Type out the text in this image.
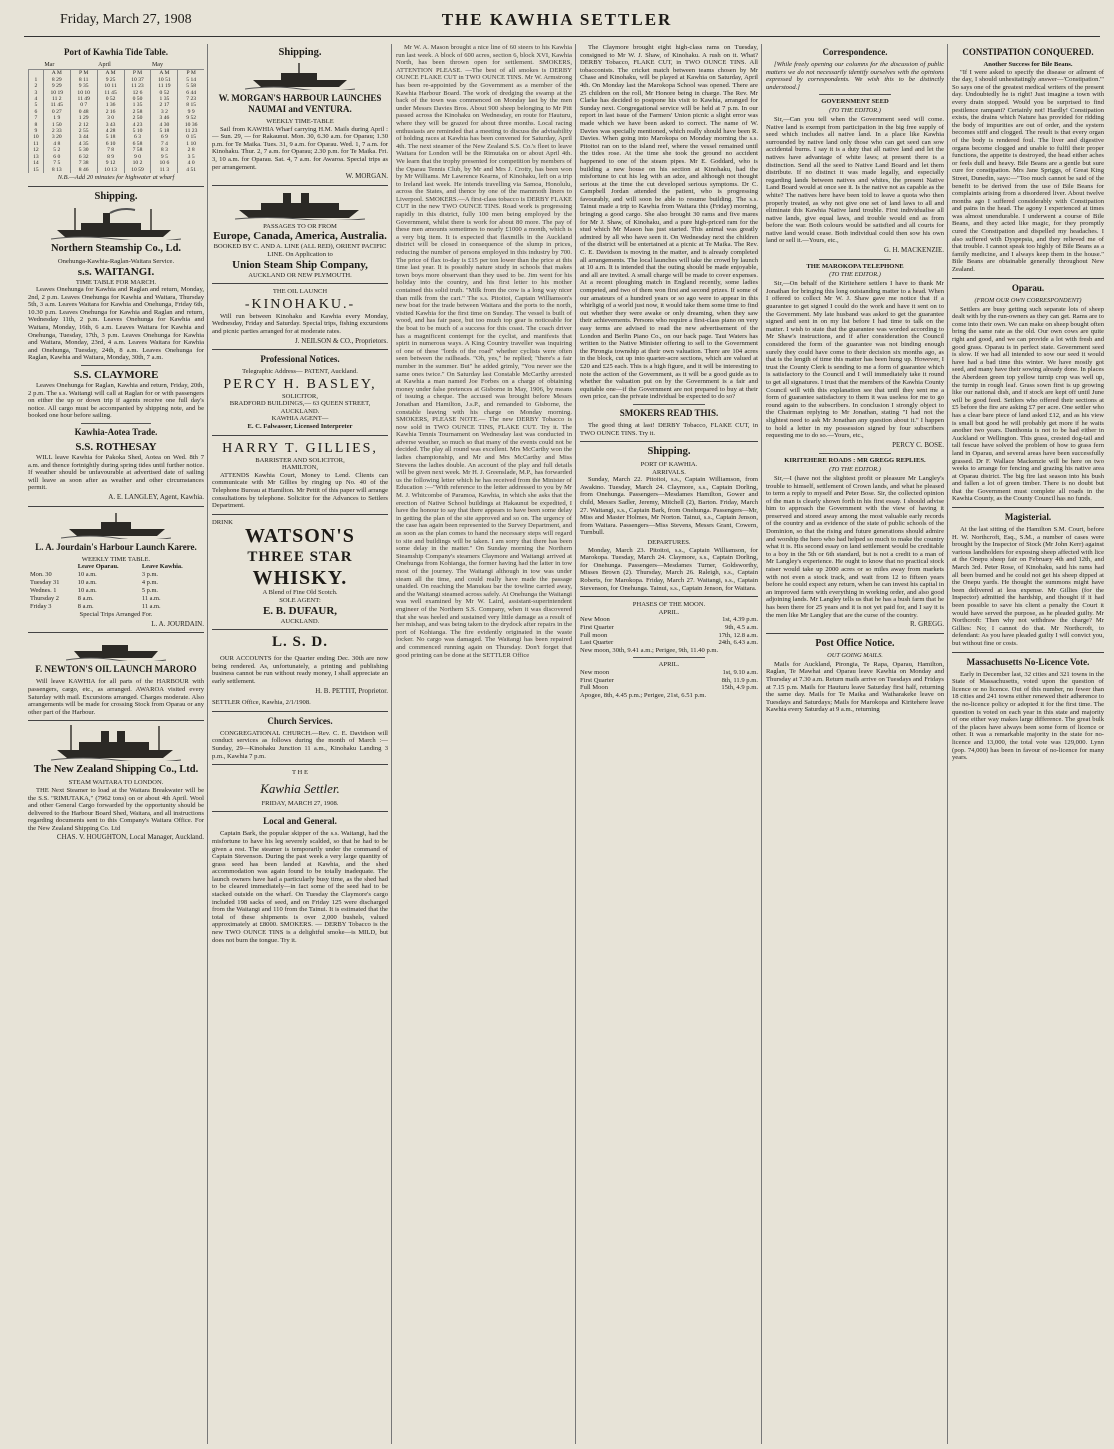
Friday, March 27, 1908	THE KAWHIA SETTLER
Port of Kawhia Tide Table.
	Mar		April		May	
	A M	P M	A M	P M	A M	P M
1	8 29	8 11	9 25	10 37	10 51	5 14
2	9 29	9 35	10 11	11 23	11 19	5 58
3	10 19	10 10	11 45	12 6	0 52	6 44
4	11 2	11 49	0 52	0 50	1 35	7 23
5	11 45	0 7	1 36	1 35	2 17	8 15
6	0 27	0 48	2 16	2 58	3 2	9 9
7	1 9	1 29	3 0	2 50	3 46	9 52
8	1 50	2 12	3 43	4 23	4 30	10 36
9	2 33	2 55	4 28	5 10	5 18	11 23
10	3 20	3 44	5 18	6 3	6 9	0 15
11	4 8	4 35	6 10	6 58	7 4	1 10
12	5 2	5 30	7 8	7 58	8 3	2 8
13	6 0	6 32	8 9	9 0	9 5	3 5
14	7 5	7 38	9 12	10 2	10 6	4 0
15	8 13	8 46	10 13	10 59	11 3	4 51
N.B.—Add 20 minutes for highwater at wharf
Shipping.
Northern Steamship Co., Ld.
Onehunga-Kawhia-Raglan-Waitara Service.
s.s. WAITANGI.
TIME TABLE FOR MARCH.

Leaves Onehunga for Kawhia and Raglan and return, Monday, 2nd, 2 p.m. Leaves Onehunga for Kawhia and Waitara, Thursday 5th, 3 a.m. Leaves Waitara for Kawhia and Onehunga, Friday 6th, 10.30 p.m. Leaves Onehunga for Kawhia and Raglan and return, Wednesday 11th, 2 p.m. Leaves Onehunga for Kawhia and Waitara, Monday, 16th, 6 a.m. Leaves Waitara for Kawhia and Onehunga, Tuesday, 17th, 3 p.m. Leaves Onehunga for Kawhia and Waitara, Monday, 23rd, 4 a.m. Leaves Waitara for Kawhia and Onehunga, Tuesday, 24th, 8 a.m. Leaves Onehunga for Raglan, Kawhia and Waitara, Monday, 30th, 7 a.m.

S.S. CLAYMORE

Leaves Onehunga for Raglan, Kawhia and return, Friday, 20th, 2 p.m. The s.s. Waitangi will call at Raglan for or with passengers on either the up or down trip if agents receive one full day's notice. All cargo must be accompanied by shipping note, and be booked one hour before sailing.

Kawhia-Aotea Trade.
S.S. ROTHESAY

WILL leave Kawhia for Pakoka Shed, Aotea on Wed. 8th 7 a.m. and thence fortnightly during spring tides until further notice. If weather should be unfavourable at advertised date of sailing will leave as soon after as weather and other circumstances permit.

A. E. LANGLEY, Agent, Kawhia.
L. A. Jourdain's Harbour Launch Karere.
WEEKLY TIME TABLE.
	Leave Oparau.	Leave Kawhia.
Mon. 30	10 a.m.	3 p.m.
Tuesday 31	10 a.m.	4 p.m.
Wednes. 1	10 a.m.	5 p.m.
Thursday 2	8 a.m.	11 a.m.
Friday 3	8 a.m.	11 a.m.
Special Trips Arranged For.
L. A. JOURDAIN.
F. NEWTON'S OIL LAUNCH MARORO

Will leave KAWHIA for all parts of the HARBOUR with passengers, cargo, etc., as arranged. AWAROA visited every Saturday with mail. Excursions arranged. Charges moderate. Also arrangements will be made for crossing Stock from Oparau or any other part of the Harbour.

The New Zealand Shipping Co., Ltd.
STEAM WAITARA TO LONDON.

THE Next Steamer to load at the Waitara Breakwater will be the S.S. "RIMUTAKA," (7962 tons) on or about 4th April. Wool and other General Cargo forwarded by the opportunity should be delivered to the Harbour Board Shed, Waitara, and all instructions regarding documents sent to this Company's Waitara Office. For the New Zealand Shipping Co. Ltd

CHAS. V. HOUGHTON, Local Manager, Auckland.
Shipping.
W. MORGAN'S HARBOUR LAUNCHES NAUMAI and VENTURA.
WEEKLY TIME-TABLE

Sail from KAWHIA Wharf carrying H.M. Mails during April :— Sun. 29, — for Rakaunui. Mon. 30, 6.30 a.m. for Oparau; 1.30 p.m. for Te Maika. Tues. 31, 9 a.m. for Oparau. Wed. 1, 7 a.m. for Kinohaku. Thur. 2, 7 a.m. for Oparau; 2.30 p.m. for Te Maika. Fri. 3, 10 a.m. for Oparau. Sat. 4, 7 a.m. for Awaroa. Special trips as per arrangement.

W. MORGAN.
PASSAGES TO OR FROM
Europe, Canada, America, Australia.
BOOKED BY C. AND A. LINE (ALL RED), ORIENT PACIFIC LINE. On Application to
Union Steam Ship Company,
AUCKLAND OR NEW PLYMOUTH.
THE OIL LAUNCH
-KINOHAKU.-

Will run between Kinohaku and Kawhia every Monday, Wednesday, Friday and Saturday. Special trips, fishing excursions and picnic parties arranged for at moderate rates.

J. NEILSON & CO., Proprietors.
Professional Notices.
Telegraphic Address— PATENT, Auckland.
PERCY H. BASLEY,
SOLICITOR,
BRADFORD BUILDINGS,— 63 QUEEN STREET, AUCKLAND.
KAWHIA AGENT—
E. C. Falwasser, Licensed Interpreter
HARRY T. GILLIES,
BARRISTER AND SOLICITOR,
HAMILTON,

ATTENDS Kawhia Court, Money to Lend. Clients can communicate with Mr Gillies by ringing up No. 40 of the Telephone Bureau at Hamilton. Mr Pettit of this paper will arrange consultations by telephone. Solicitor for the Advances to Settlers Department.

DRINK
WATSON'S
THREE STAR
WHISKY.
A Blend of Fine Old Scotch.
SOLE AGENT:
E. B. DUFAUR,
AUCKLAND.
L. S. D.

OUR ACCOUNTS for the Quarter ending Dec. 30th are now being rendered. As, unfortunately, a printing and publishing business cannot be run without ready money, I shall appreciate an early settlement.

H. B. PETTIT, Proprietor.
SETTLER Office, Kawhia, 2/1/1908.
Church Services.

CONGREGATIONAL CHURCH.—Rev. C. E. Davidson will conduct services as follows during the month of March :— Sunday, 29—Kinohaku Junction 11 a.m., Kinohaku Landing 3 p.m., Kawhia 7 p.m.

T H E
Kawhia Settler.
FRIDAY, MARCH 27, 1908.
Local and General.

Captain Bark, the popular skipper of the s.s. Waitangi, had the misfortune to have his leg severely scalded, so that he had to be given a rest. The steamer is temporarily under the command of Captain Stevenson. During the past week a very large quantity of grass seed has been landed at Kawhia, and the shed accommodation was again found to be totally inadequate. The launch owners have had a particularly busy time, as the shed had to be cleared immediately—in fact some of the seed had to be stacked outside on the wharf. On Tuesday the Claymore's cargo included 198 sacks of seed, and on Friday 125 were discharged from the Waitangi and 110 from the Tainui. It is estimated that the total of these shipments is over 2,000 bushels, valued approximately at £8000. SMOKERS. — DERBY Tobacco is the new TWO OUNCE TINS is a delightful smoke—is MILD, but does not burn the tongue. Try it.

Mr W. A. Mason brought a nice line of 60 steers to his Kawhia run last week. A block of 600 acres, section 6, block XVI, Kawhia North, has been thrown open for settlement. SMOKERS, ATTENTION PLEASE. —The best of all smokes is DERBY OUNCE FLAKE CUT in TWO OUNCE TINS. Mr W. Armstrong has been re-appointed by the Government as a member of the Kawhia Harbour Board. The work of dredging the swamp at the back of the town was commenced on Monday last by the men under Messrs Davies Bros. About 900 sheep belonging to Mr Pitt passed across the Kinohaku on Wednesday, en route for Hauturu, where they will be grazed for about three months. Local racing enthusiasts are reminded that a meeting to discuss the advisability of holding races at Kawhia has been convened for Saturday, April 4th. The next steamer of the New Zealand S.S. Co.'s fleet to leave Waitara for London will be the Rimutaka on or about April 4th. We learn that the trophy presented for competition by members of the Oparau Tennis Club, by Mr and Mrs J. Crotty, has been won by Mr Williams. Mr Lawrence Kearns, of Kinohaku, left on a trip to Ireland last week. He intends travelling via Samoa, Honolulu, across the States, and thence by one of the mammoth liners to Liverpool. SMOKERS.—A first-class tobacco is DERBY FLAKE CUT in the new TWO OUNCE TINS. Road work is progressing rapidly in this district, fully 100 men being employed by the Government, whilst there is work for about 80 more. The pay of these men amounts sometimes to nearly £1000 a month, which is a very big item. It is expected that flaxmills in the Auckland district will be closed in consequence of the slump in prices, reducing the number of persons employed in this industry by 700. The price of flax to-day is £15 per ton lower than the price at this time last year. It is possibly nature study in schools that makes town boys more observant than they used to be. Jim went for his holiday into the country, and his first letter to his mother contained this solid truth. "Milk from the cow is a long way nicer than milk from the cart." The s.s. Pitoitoi, Captain Williamson's new boat for the trade between Waitara and the ports to the north, visited Kawhia for the first time on Sunday. The vessel is built of wood, and has fair pace, but too much top gear is noticeable for the boat to be much of a success for this coast. The coach driver has a magnificent contempt for the cyclist, and manifests that spirit in numerous ways. A King Country traveller was inquiring of one of these "lords of the road" whether cyclists were often seen between the railheads. "Oh, yes," he replied; "there's a fair number in the summer. But" he added grimly, "You never see the same ones twice." On Saturday last Constable McCarthy arrested at Kawhia a man named Joe Forbes on a charge of obtaining money under false pretences at Gisborne in May, 1906, by means of issuing a cheque. The accused was brought before Messrs Jonathan and Hamilton, J.s.P., and remanded to Gisborne, the constable leaving with his charge on Monday morning. SMOKERS, PLEASE NOTE.— The new DERBY Tobacco is now sold in TWO OUNCE TINS, FLAKE CUT. Try it. The Kawhia Tennis Tournament on Wednesday last was conducted in adverse weather, so much so that many of the events could not be decided. The play all round was excellent. Mrs McCarthy won the ladies championship, and Mr and Mrs McCarthy and Miss Stevens the ladies double. An account of the play and full details will be given next week. Mr H. J. Greenslade, M.P., has forwarded us the following letter which he has received from the Minister of Education :—"With reference to the letter addressed to you by Mr M. J. Whitcombe of Paramoa, Kawhia, in which she asks that the erection of Native School buildings at Hakaunui be expedited, I have the honour to say that there appears to have been some delay in getting the plan of the site approved and so on. The urgency of the case has again been represented to the Survey Department, and as soon as the plan comes to hand the necessary steps will regard to site and buildings will be taken. I am sorry that there has been some delay in the matter." On Sunday morning the Northern Steamship Company's steamers Claymore and Waitangi arrived at Onehunga from Kohianga, the former having had the latter in tow most of the journey. The Waitangi although in tow was under steam all the time, and could really have made the passage unaided. On reaching the Manukau bar the towline carried away, and the Waitangi steamed across safely. At Onehunga the Waitangi was well examined by Mr W. Laird, assistant-superintendent engineer of the Northern S.S. Company, when it was discovered that she was heeled and sustained very little damage as a result of her mishap, and was being taken to the drydock after repairs in the port of Kohianga. The fire evidently originated in the waste locker. No cargo was damaged. The Waitangi has been repaired and commenced running again on Thursday. Don't forget that good printing can be done at the SETTLER Office

The Claymore brought eight high-class rams on Tuesday, consigned to Mr W. J. Shaw, of Kinohaku. A rush on it. What? DERBY Tobacco, FLAKE CUT, in TWO OUNCE TINS. All tobacconists. The cricket match between teams chosen by Mr Chase and Kinohaku, will be played at Kawhia on Saturday, April 4th. On Monday last the Marokopa School was opened. There are 25 children on the roll, Mr Honore being in charge. The Rev. Mr Clarke has decided to postpone his visit to Kawhia, arranged for Sunday next. Congregational service will be held at 7 p.m. In our report in last issue of the Farmers' Union picnic a slight error was made which we have been asked to correct. The name of W. Davies was specially mentioned, which really should have been R. Davies. When going into Marokopa on Monday morning the s.s. Pitoitoi ran on to the island reef, where the vessel remained until the tides rose. At the time she took the ground no accident happened to one of the steam pipes. Mr E. Goddard, who is building a new house on his section at Kinohaku, had the misfortune to cut his leg with an adze, and although not thought serious at the time the cut developed serious symptoms. Dr C. Campbell Jordan attended the patient, who is progressing favourably, and will soon be able to resume building. The s.s. Tainui made a trip to Kawhia from Waitara this (Friday) morning, bringing a good cargo. She also brought 30 rams and five mares for Mr J. Shaw, of Kinohaku, and a pure high-priced ram for the stud which Mr Mason has just started. This animal was greatly admired by all who have seen it. On Wednesday next the children of the district will be entertained at a picnic at Te Maika. The Rev. C. E. Davidson is moving in the matter, and is already completed all arrangements. The local launches will take the crowd by launch at 10 a.m. It is intended that the outing should be made enjoyable, and all are invited. A small charge will be made to cover expenses. At a recent ploughing match in England recently, some ladies competed, and two of them won first and second prizes. If some of our amateurs of a hundred years or so ago were to appear in this whirligig of a world just now, it would take them some time to find out whether they were awake or only dreaming, when they saw their achievements. Persons who require a first-class piano on very easy terms are advised to read the new advertisement of the London and Berlin Piano Co., on our back page. Taui Waters has written to the Native Minister offering to sell to the Government the Pirongia township at their own valuation. There are 104 acres in the block, cut up into quarter-acre sections, which are valued at £20 and £25 each. This is a high figure, and it will be interesting to note the action of the Government, as it will be a good guide as to whether the valuation put on by the Government is a fair and equitable one—if the Government are not prepared to buy at their own price, can the private individual be expected to do so?

SMOKERS READ THIS.

The good thing at last! DERBY Tobacco, FLAKE CUT, in TWO OUNCE TINS. Try it.

Shipping.
PORT OF KAWHIA.
ARRIVALS.

Sunday, March 22. Pitoitoi, s.s., Captain Williamson, from Awakino. Tuesday, March 24. Claymore, s.s., Captain Dorling, from Onehunga. Passengers—Mesdames Hamilton, Gower and child, Messrs Sadler, Jeremy, Mitchell (2), Barton. Friday, March 27. Waitangi, s.s., Captain Bark, from Onehunga. Passengers—Mr, Miss and Master Holmes, Mr Norton. Tainui, s.s., Captain Jenson, from Waitara. Passengers—Miss Stevens, Messrs Grant, Cowern, Turnbull.

DEPARTURES.

Monday, March 23. Pitoitoi, s.s., Captain Williamson, for Marokopa. Tuesday, March 24. Claymore, s.s., Captain Dorling, for Onehunga. Passengers—Mesdames Turner, Goldsworthy, Misses Brown (2). Thursday, March 26. Raleigh, s.s., Captain Roberts, for Marokopa. Friday, March 27. Waitangi, s.s., Captain Stevenson, for Onehunga. Tainui, s.s., Captain Jenson, for Waitara.

PHASES OF THE MOON.
APRIL.
New Moon	1st, 4.39 p.m.
First Quarter	9th, 4.5 a.m.
Full moon	17th, 12.8 a.m.
Last Quarter	24th, 6.43 a.m.
New moon, 30th, 9.41 a.m.; Perigee, 9th, 11.40 p.m.
APRIL.
New moon	1st, 9.10 a.m.
First Quarter	8th, 11.9 p.m.
Full Moon	15th, 4.9 p.m.
Apogee, 8th, 4.45 p.m.; Perigee, 21st, 6.51 p.m.
Correspondence.

[While freely opening our columns for the discussion of public matters we do not necessarily identify ourselves with the opinions expressed by correspondents. We wish this to be distinctly understood.]

GOVERNMENT SEED
(TO THE EDITOR.)

Sir,—Can you tell when the Government seed will come. Native land is exempt from participation in the big free supply of seed which includes all native land. In a place like Kawhia surrounded by native land only those who can get seed can sow accidental burns. I say it is a duty that all native land and let the natives have advantage of white laws; at present there is a distinction. Send all the seed to Native Land Board and let them distribute. If no distinct it was made legally, and especially regarding lands between natives and whites, the present Native Land Board would at once see it. Is the native not as capable as the white? The natives here have been told to leave a quota who then properly treated, as why not give one set of land laws to all and eliminate this Kawhia Native land trouble. First individualise all native lands, give equal laws, and trouble would end as from before the war. Both colours would be satisfied and all courts for native land would cease. Both individual could then sow his own land or sell it.—Yours, etc.,

G. H. MACKENZIE.
THE MAROKOPA TELEPHONE
(TO THE EDITOR.)

Sir,—On behalf of the Kiritehere settlers I have to thank Mr Jonathan for bringing this long outstanding matter to a head. When I offered to collect Mr W. J. Shaw gave me notice that if a guarantee to get signed I could do the work and have it sent on to the Government. My late husband was asked to get the guarantee signed and sent in on my list before I had time to talk on the matter. I wish to state that the guarantee was worded according to Mr Shaw's instructions, and if after consideration the Council considered the form of the guarantee was not binding enough surely they could have come to their decision six months ago, as that is the length of time this matter has been hung up. However, I trust the County Clerk is sending to me a form of guarantee which is satisfactory to the Council and I will immediately take it round to get all signatures. I trust that the members of the Kawhia County Council will with this explanation see that until they sent me a form of guarantee satisfactory to them it was useless for me to go round again to the subscribers. In conclusion I strongly object to the Chairman replying to Mr Jonathan, stating "I had not the slightest need to ask Mr Jonathan any question about it." I happen to hold a letter in my possession signed by four subscribers requesting me to do so.—Yours, etc.,

PERCY C. BOSE.
KIRITEHERE ROADS : MR GREGG REPLIES.
(TO THE EDITOR.)

Sir,—I (have not the slightest profit or pleasure Mr Langley's trouble to himself, settlement of Crown lands, and what he pleased to term a reply to myself and Peter Bose. Sir, the collected opinion of the man is clearly shown forth in his first essay. I should advise him to approach the Government with the view of having it preserved and stored away among the most valuable early records of the country and as evidence of the state of public schools of the Dominion, so that the rising and future generations should admire and worship the hero who had helped so much to make the country what it is. His second essay on land settlement would be creditable to a boy in the 5th or 6th standard, but is not a credit to a man of Mr Langley's experience. He ought to know that no practical stock raiser would take up 2000 acres or so miles away from markets with not even a stock track, and wait from 12 to fifteen years before he could expect any return, when he can invest his capital in an improved farm with everything in working order, and also good adjoining lands. Mr Langley tells us that he has a bush farm that he has been there for 25 years and it is not yet paid for, and I say it is the men like Mr Langley that are the curse of the country.

R. GREGG.
Post Office Notice.
OUT GOING MAILS.

Mails for Auckland, Pirongia, Te Rapa, Oparau, Hamilton, Raglan, Te Mawhai and Oparau leave Kawhia on Monday and Thursday at 7.30 a.m. Return mails arrive on Tuesdays and Fridays at 7.15 p.m. Mails for Hauturu leave Saturday first half, returning the same day. Mails for Te Maika and Waiharakeke leave on Tuesdays and Saturdays; Mails for Marokopa and Kiritehere leave Kawhia every Saturday at 9 a.m., returning

CONSTIPATION CONQUERED.
Another Success for Bile Beans.

"If I were asked to specify the disease or ailment of the day, I should unhesitatingly answer—'Constipation.'" So says one of the greatest medical writers of the present day. Undoubtedly he is right! Just imagine a town with every drain stopped. Would you be surprised to find pestilence rampant? Certainly not! Hardly! Constipation exists, the drains which Nature has provided for ridding the body of impurities are out of order, and the system becomes stiff and clogged. The result is that every organ of the body is rendered foul. The liver and digestive organs become clogged and unable to fulfil their proper functions, the appetite is destroyed, the head either aches or feels dull and heavy. Bile Beans are a gentle but sure cure for constipation. Mrs Jane Spriggs, of Great King Street, Dunedin, says:—"Too much cannot be said of the benefit to be derived from the use of Bile Beans for complaints arising from a disordered liver. About twelve months ago I suffered considerably with Constipation and pains in the head. The agony I experienced at times was almost unendurable. I underwent a course of Bile Beans, and they acted like magic, for they promptly cured the Constipation and dispelled my headaches. I also suffered with Dyspepsia, and they relieved me of that trouble. I cannot speak too highly of Bile Beans as a family medicine, and I always keep them in the house." Bile Beans are obtainable generally throughout New Zealand.

Oparau.
(FROM OUR OWN CORRESPONDENT)

Settlers are busy getting such separate lots of sheep dealt with by the run-owners as they can get. Rams are to come into their own. We can make on sheep bought often bring the same rate as the old. Our own cows are quite right and good, and we can provide a lot with fresh and good grass. Oparau is in perfect state. Government seed is slow. If we had all intended to sow our seed it would have had a bad time this winter. We have mostly got seed, and many have their sowing already done. In places the Aberdeen green top yellow turnip crop was well up, the turnip in rough leaf. Grass sown first is up growing like our national dish, and if stock are kept off until June will be good feed. Settlers who offered their sections at £5 before the fire are asking £7 per acre. One settler who has a clear bare piece of land asked £12, and as his view is small but good he will probably get more if he waits another two years. Danthonia is not to be had either in Auckland or Wellington. This grass, crested dog-tail and tall fescue have solved the problem of how to grass fern land in Oparau, and several areas have been successfully grassed. Dr F. Wallace Mackenzie will be here on two weeks to arrange for fencing and grazing his native area at Oparau district. The big fire last season into his bush and fallen a lot of green timber. There is no doubt but that the Government must complete all roads in the Kawhia County, as the County Council has no funds.

Magisterial.

At the last sitting of the Hamilton S.M. Court, before H. W. Northcroft, Esq., S.M., a number of cases were brought by the Inspector of Stock (Mr John Kerr) against various landholders for exposing sheep affected with lice at the Onepu sheep fair on February 4th and 12th, and March 3rd. Peter Rose, of Kinohaku, said his rams had all been burned and he could not get his sheep dipped at the Onepu yards. He thought the summons might have been delivered at less expense. Mr Gillies (for the Inspector) admitted the hardship, and thought if it had been possible to save his client a penalty the Court it would have served the purpose, as he pleaded guilty. Mr Northcroft: Then why not withdraw the charge? Mr Gillies: No; I cannot do that. Mr Northcroft, to defendant: As you have pleaded guilty I will convict you, but without fine or costs.

Massachusetts No-Licence Vote.

Early in December last, 32 cities and 321 towns in the State of Massachusetts, voted upon the question of licence or no licence. Out of this number, no fewer than 18 cities and 241 towns either renewed their adherence to the no-licence policy or adopted it for the first time. The question is voted on each year in this state and majority of one either way makes large difference. The great bulk of the places have always been some form of licence or other. It was a remarkable majority in the state for no-licence and 13,000, the total vote was 129,000. Lynn (pop. 74,000) has been in favour of no-licence for many years.
